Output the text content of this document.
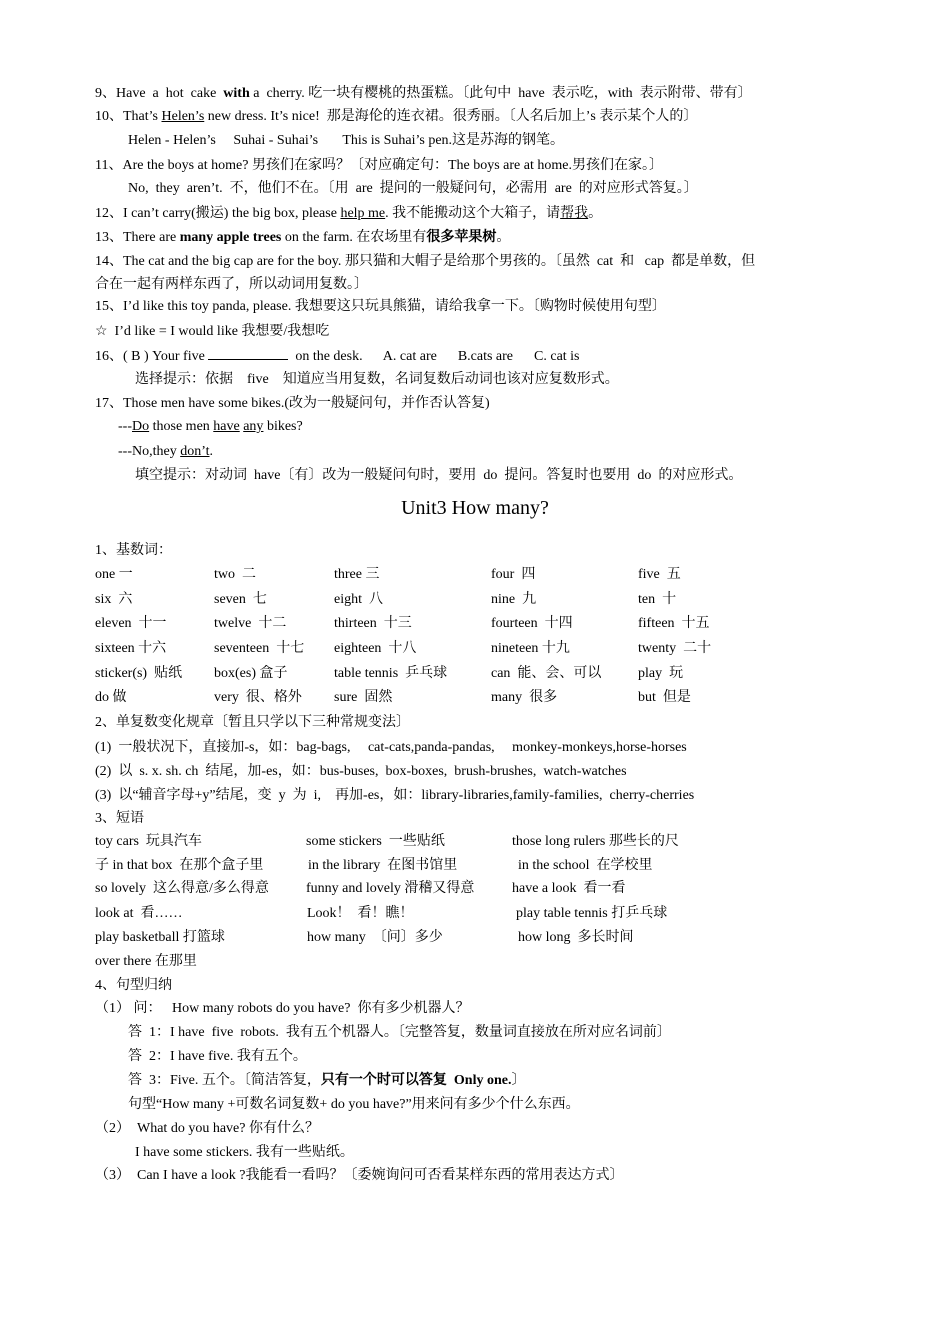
9、Have  a  hot  cake  with a  cherry. 吃一块有樱桃的热蛋糕。〔此句中  have  表示吃，with  表示附带、带有〕
10、That’s Helen’s new dress. It’s nice!  那是海伦的连衣裙。很秀丽。〔人名后加上’s 表示某个人的〕
Helen - Helen’s     Suhai - Suhai’s       This is Suhai’s pen.这是苏海的钢笔。
11、Are the boys at home? 男孩们在家吗？〔对应确定句：The boys are at home.男孩们在家。〕
No,  they  aren’t.  不，他们不在。〔用  are  提问的一般疑问句，必需用  are  的对应形式答复。〕
12、I can’t carry(搬运) the big box, please help me. 我不能搬动这个大箱子，请帮我。
13、There are many apple trees on the farm. 在农场里有很多苹果树。
14、The cat and the big cap are for the boy. 那只猫和大帽子是给那个男孩的。〔虽然  cat  和   cap  都是单数，但
合在一起有两样东西了，所以动词用复数。〕
15、I’d like this toy panda, please. 我想要这只玩具熊猫，请给我拿一下。〔购物时候使用句型〕
☆  I’d like = I would like 我想要/我想吃
16、( B ) Your five	on the desk.      A. cat are      B.cats are      C. cat is
选择提示：依据    five    知道应当用复数，名词复数后动词也该对应复数形式。
17、Those men have some bikes.(改为一般疑问句，并作否认答复)
---Do those men have any bikes?
---No,they don’t.
填空提示：对动词  have〔有〕改为一般疑问句时，要用  do  提问。答复时也要用  do  的对应形式。
Unit3 How many?
1、基数词：
one 一	two  二	three 三	four  四	five  五
six  六	seven  七	eight  八	nine  九	ten  十
eleven  十一	twelve  十二	thirteen  十三	fourteen  十四	fifteen  十五
sixteen 十六	seventeen  十七 eighteen  十八	nineteen 十九	twenty  二十
sticker(s)  贴纸 box(es) 盒子	table tennis  乒乓球	can  能、会、可以	play  玩
do 做	very  很、格外 sure  固然	many  很多	but  但是
2、单复数变化规章〔暂且只学以下三种常规变法〕
(1)  一般状况下，直接加-s，如：bag-bags,     cat-cats,panda-pandas,     monkey-monkeys,horse-horses
(2)  以  s. x. sh. ch  结尾，加-es，如：bus-buses,  box-boxes,  brush-brushes,  watch-watches
(3)  以“辅音字母+y”结尾，变  y  为  i,    再加-es，如：library-libraries,family-families,  cherry-cherries
3、短语
toy cars  玩具汽车	some stickers  一些贴纸	those long rulers 那些长的尺
子 in that box  在那个盒子里	in the library  在图书馆里	in the school  在学校里
so lovely  这么得意/多么得意	funny and lovely 滑稽又得意	have a look  看一看
look at  看……	Look！  看！瞧！	play table tennis 打乒乓球
play basketball 打篮球	how many  〔问〕多少	how long  多长时间
over there 在那里
4、句型归纳
（1） 问：   How many robots do you have?  你有多少机器人？
答  1：I have  five  robots.  我有五个机器人。〔完整答复，数量词直接放在所对应名词前〕
答  2：I have five. 我有五个。
答  3：Five. 五个。〔简洁答复，只有一个时可以答复  Only one.〕
句型“How many +可数名词复数+ do you have?”用来问有多少个什么东西。
（2）  What do you have? 你有什么？
I have some stickers. 我有一些贴纸。
（3）  Can I have a look ?我能看一看吗？〔委婉询问可否看某样东西的常用表达方式〕
